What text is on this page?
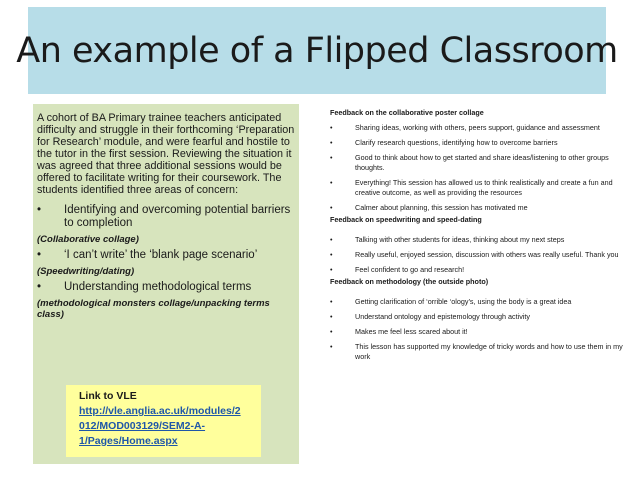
An example of a Flipped Classroom

A cohort of BA Primary trainee teachers anticipated difficulty and struggle in their forthcoming ‘Preparation for Research’ module, and were fearful and hostile to the tutor in the first session. Reviewing the situation it was agreed that three additional sessions would be offered to facilitate writing for their coursework. The students identified three areas of concern:

•	Identifying and overcoming potential barriers to completion
(Collaborative collage)
•	‘I can’t write’ the ‘blank page scenario’
(Speedwriting/dating)
•	Understanding methodological terms
(methodological monsters collage/unpacking terms class)
Link to VLE
http://vle.anglia.ac.uk/modules/2
012/MOD003129/SEM2-A-
1/Pages/Home.aspx
Feedback on the collaborative poster collage
•	Sharing ideas, working with others, peers support, guidance and assessment
•	Clarify research questions, identifying how to overcome barriers
•	Good to think about how to get started and share ideas/listening to other groups thoughts.
•	Everything! This session has allowed us to think realistically and create a fun and creative outcome, as well as providing the resources
•	Calmer about planning, this session has motivated me
Feedback on speedwriting and speed-dating
•	Talking with other students for ideas, thinking about my next steps
•	Really useful, enjoyed session, discussion with others was really useful. Thank you
•	Feel confident to go and research!
Feedback on methodology (the outside photo)
•	Getting clarification of ‘orrible ‘ology’s, using the body is a great idea
•	Understand ontology and epistemology through activity
•	Makes me feel less scared about it!
•	This lesson has supported my knowledge of tricky words and how to use them in my work
